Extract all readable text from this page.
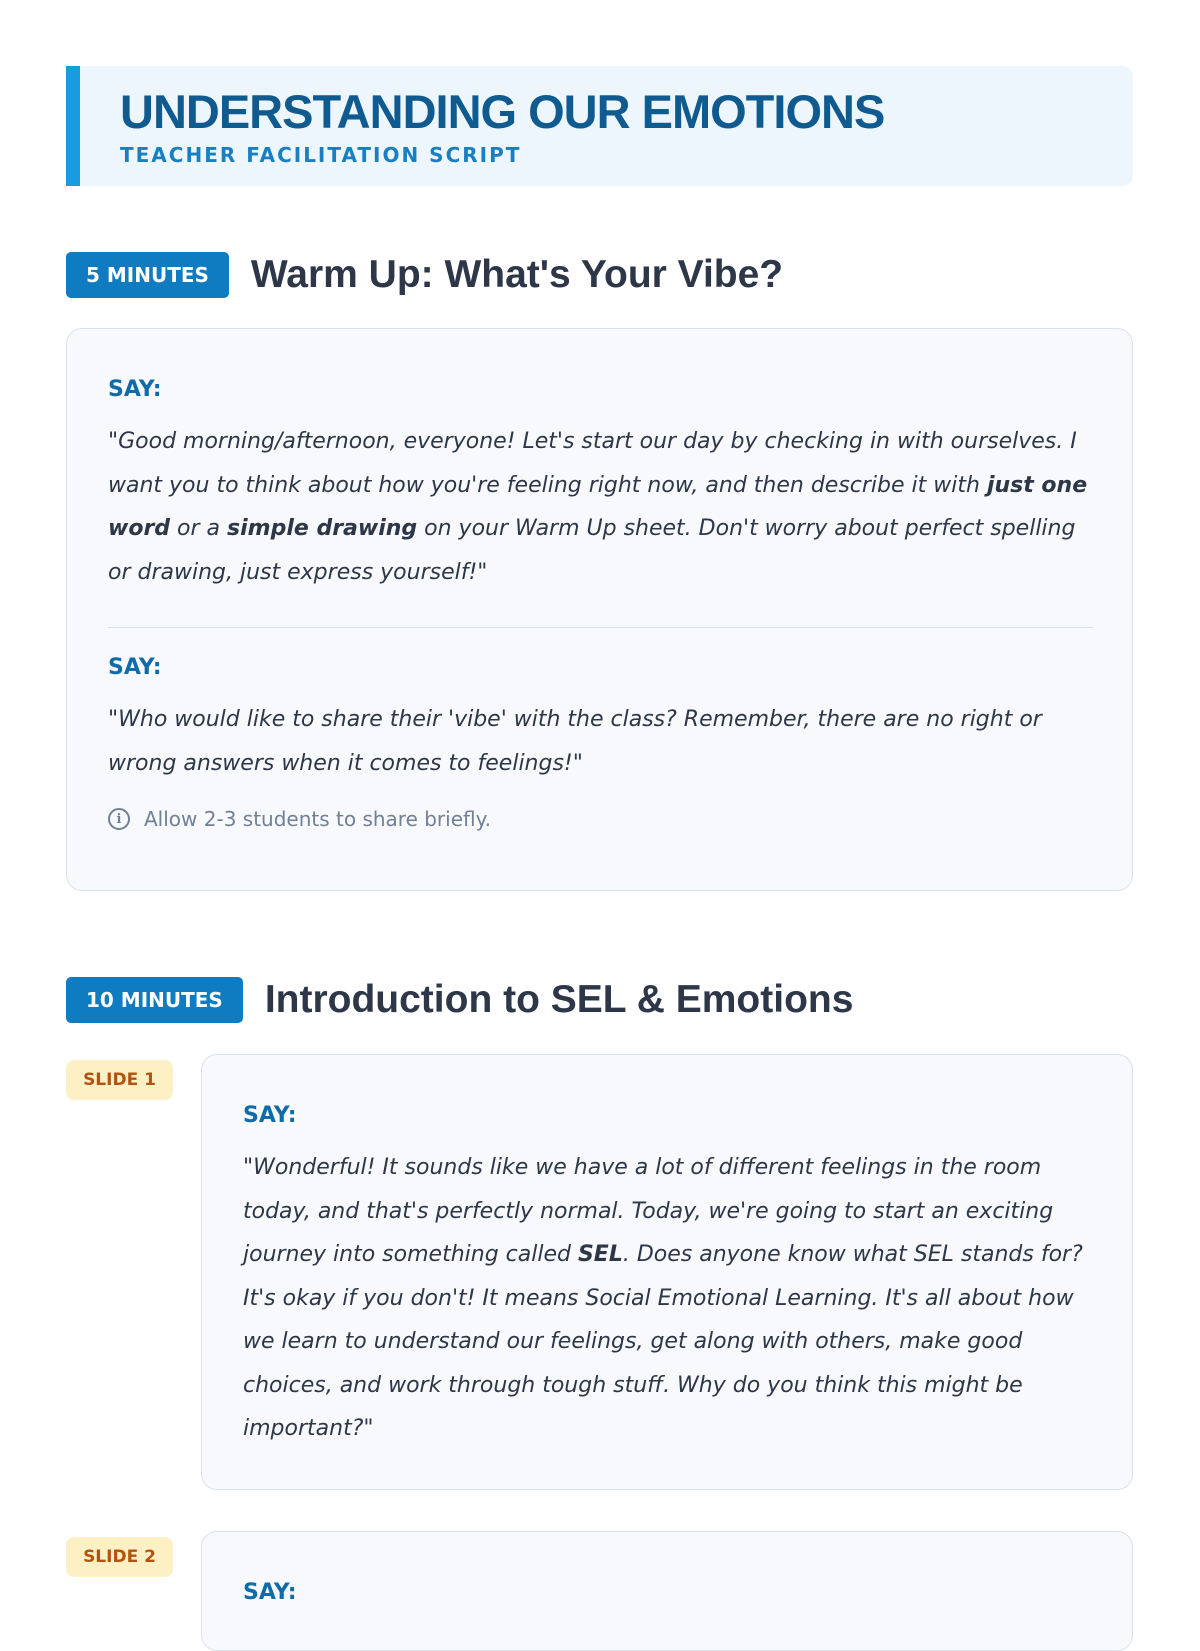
UNDERSTANDING OUR EMOTIONS
TEACHER FACILITATION SCRIPT
5 MINUTES	Warm Up: What's Your Vibe?

SAY:

"Good morning/afternoon, everyone! Let's start our day by checking in with ourselves. I want you to think about how you're feeling right now, and then describe it with just one word or a simple drawing on your Warm Up sheet. Don't worry about perfect spelling or drawing, just express yourself!"

SAY:

"Who would like to share their 'vibe' with the class? Remember, there are no right or wrong answers when it comes to feelings!"

i	Allow 2-3 students to share briefly.
10 MINUTES	Introduction to SEL & Emotions
SLIDE 1

SAY:

"Wonderful! It sounds like we have a lot of different feelings in the room today, and that's perfectly normal. Today, we're going to start an exciting journey into something called SEL. Does anyone know what SEL stands for? It's okay if you don't! It means Social Emotional Learning. It's all about how we learn to understand our feelings, get along with others, make good choices, and work through tough stuff. Why do you think this might be important?"

SLIDE 2

SAY:
